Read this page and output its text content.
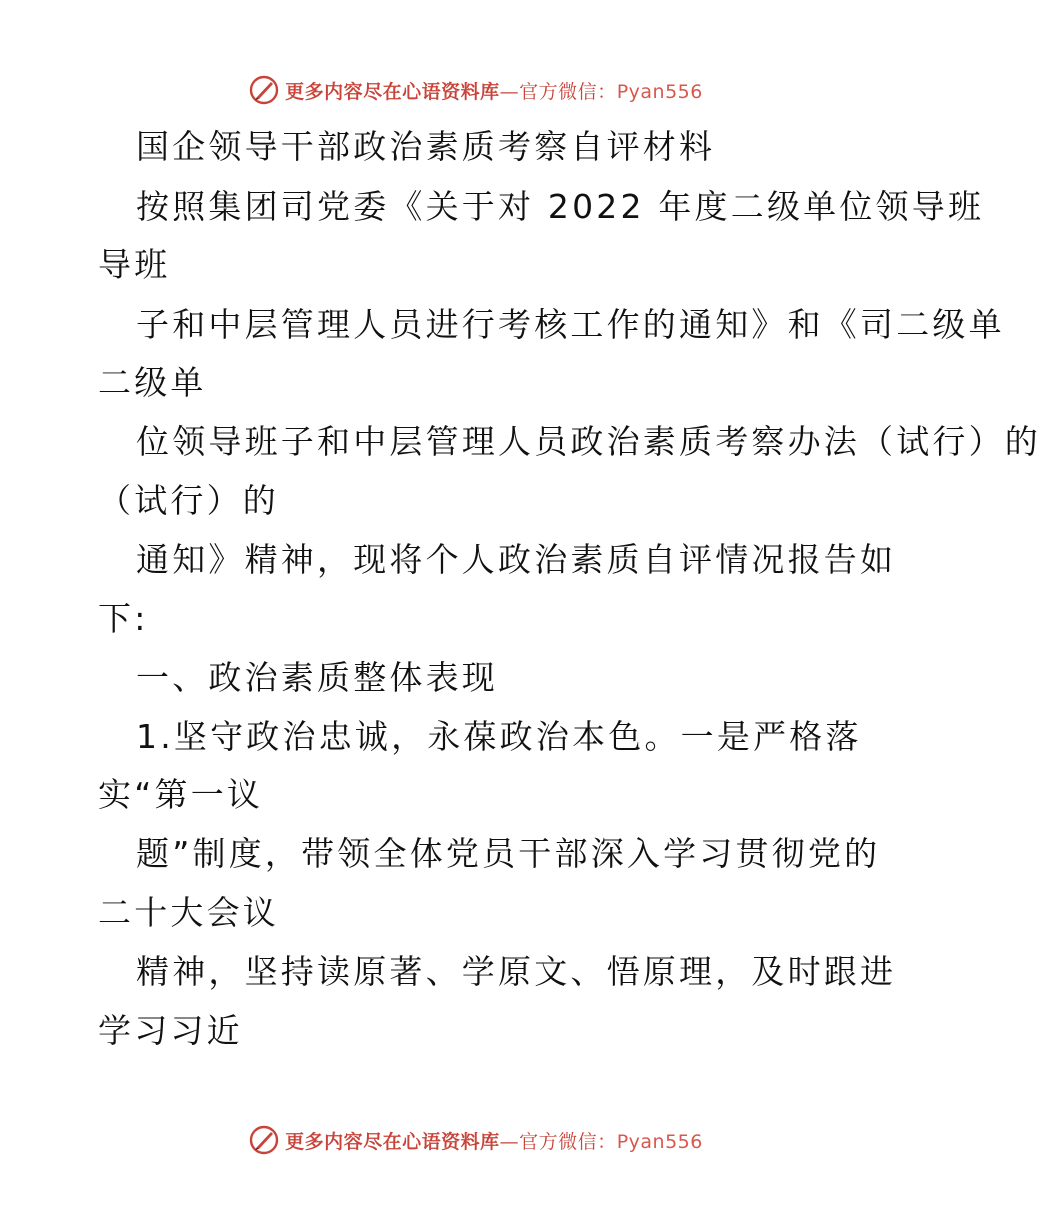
更多内容尽在心语资料库—官方微信：Pyan556
国企领导干部政治素质考察自评材料
按照集团司党委《关于对 2022 年度二级单位领导班
导班
子和中层管理人员进行考核工作的通知》和《司二级单
二级单
位领导班子和中层管理人员政治素质考察办法（试行）的
（试行）的
通知》精神，现将个人政治素质自评情况报告如
下:
一、政治素质整体表现
1.坚守政治忠诚，永葆政治本色。一是严格落
实“第一议
题”制度，带领全体党员干部深入学习贯彻党的
二十大会议
精神，坚持读原著、学原文、悟原理，及时跟进
学习习近
更多内容尽在心语资料库—官方微信：Pyan556
